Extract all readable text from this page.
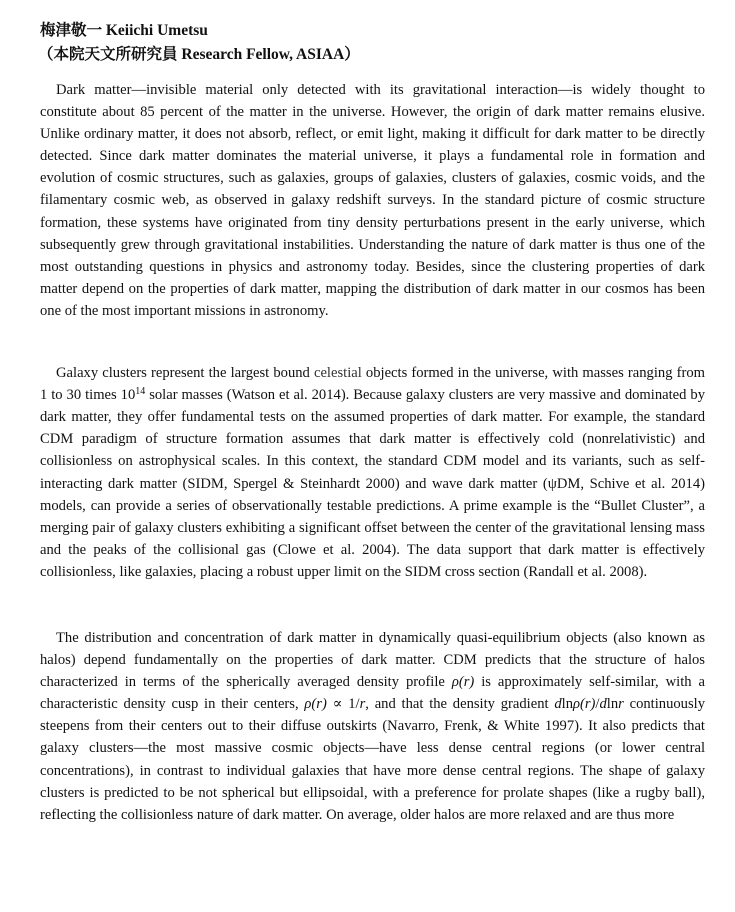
梅津敬一 Keiichi Umetsu

（本院天文所研究員 Research Fellow, ASIAA）

Dark matter—invisible material only detected with its gravitational interaction—is widely thought to constitute about 85 percent of the matter in the universe. However, the origin of dark matter remains elusive. Unlike ordinary matter, it does not absorb, reflect, or emit light, making it difficult for dark matter to be directly detected. Since dark matter dominates the material universe, it plays a fundamental role in formation and evolution of cosmic structures, such as galaxies, groups of galaxies, clusters of galaxies, cosmic voids, and the filamentary cosmic web, as observed in galaxy redshift surveys. In the standard picture of cosmic structure formation, these systems have originated from tiny density perturbations present in the early universe, which subsequently grew through gravitational instabilities. Understanding the nature of dark matter is thus one of the most outstanding questions in physics and astronomy today. Besides, since the clustering properties of dark matter depend on the properties of dark matter, mapping the distribution of dark matter in our cosmos has been one of the most important missions in astronomy.

Galaxy clusters represent the largest bound celestial objects formed in the universe, with masses ranging from 1 to 30 times $10^{14}$ solar masses (Watson et al. 2014). Because galaxy clusters are very massive and dominated by dark matter, they offer fundamental tests on the assumed properties of dark matter. For example, the standard CDM paradigm of structure formation assumes that dark matter is effectively cold (nonrelativistic) and collisionless on astrophysical scales. In this context, the standard CDM model and its variants, such as self-interacting dark matter (SIDM, Spergel & Steinhardt 2000) and wave dark matter (ψDM, Schive et al. 2014) models, can provide a series of observationally testable predictions. A prime example is the “Bullet Cluster”, a merging pair of galaxy clusters exhibiting a significant offset between the center of the gravitational lensing mass and the peaks of the collisional gas (Clowe et al. 2004). The data support that dark matter is effectively collisionless, like galaxies, placing a robust upper limit on the SIDM cross section (Randall et al. 2008).

The distribution and concentration of dark matter in dynamically quasi-equilibrium objects (also known as halos) depend fundamentally on the properties of dark matter. CDM predicts that the structure of halos characterized in terms of the spherically averaged density profile ρ(r) is approximately self-similar, with a characteristic density cusp in their centers, ρ(r) ∝ 1/r, and that the density gradient dlnρ(r)/dlnr continuously steepens from their centers out to their diffuse outskirts (Navarro, Frenk, & White 1997). It also predicts that galaxy clusters—the most massive cosmic objects—have less dense central regions (or lower central concentrations), in contrast to individual galaxies that have more dense central regions. The shape of galaxy clusters is predicted to be not spherical but ellipsoidal, with a preference for prolate shapes (like a rugby ball), reflecting the collisionless nature of dark matter. On average, older halos are more relaxed and are thus more
